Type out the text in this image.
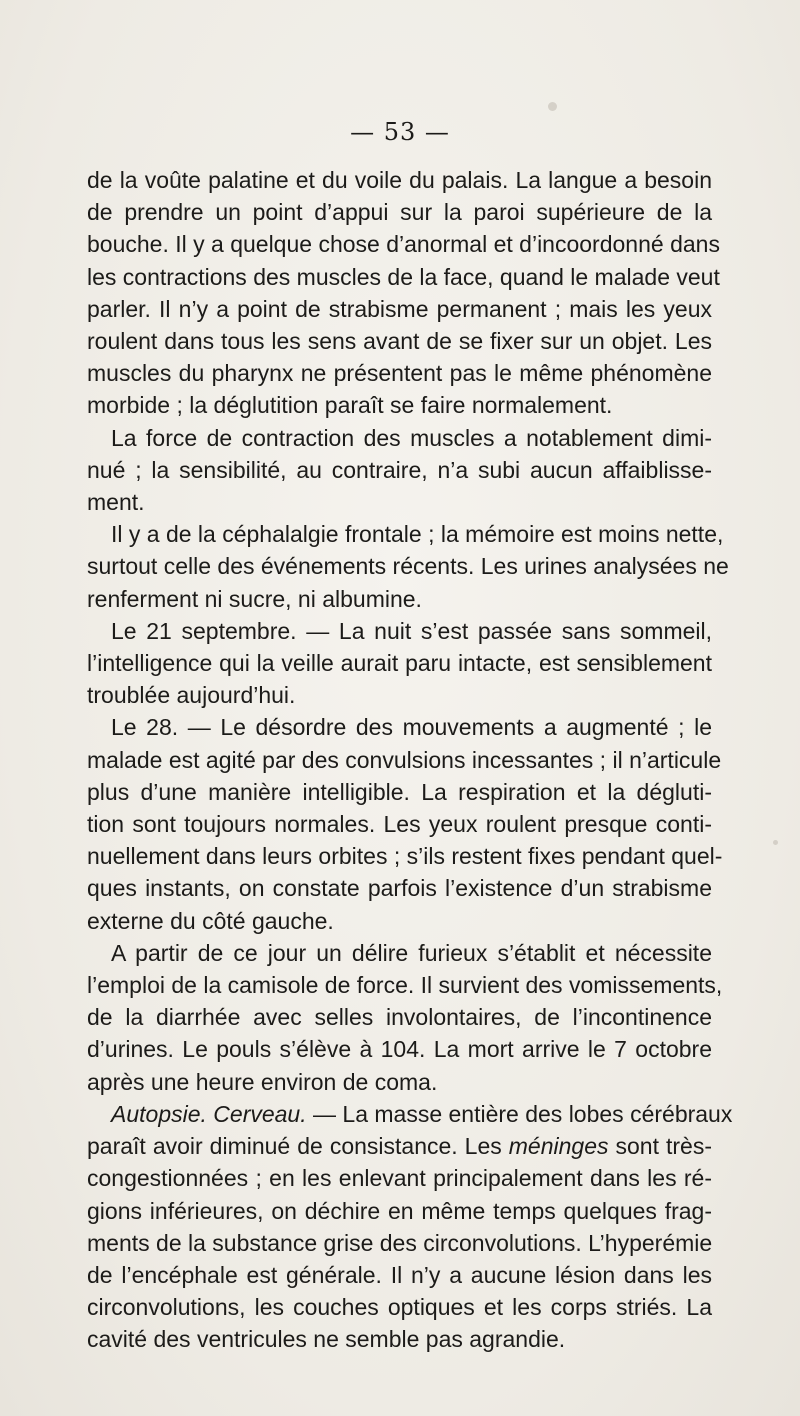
— 53 —

de la voûte palatine et du voile du palais. La langue a besoin
de prendre un point d’appui sur la paroi supérieure de la
bouche. Il y a quelque chose d’anormal et d’incoordonné dans
les contractions des muscles de la face, quand le malade veut
parler. Il n’y a point de strabisme permanent ; mais les yeux
roulent dans tous les sens avant de se fixer sur un objet. Les
muscles du pharynx ne présentent pas le même phénomène
morbide ; la déglutition paraît se faire normalement.

La force de contraction des muscles a notablement dimi-
nué ; la sensibilité, au contraire, n’a subi aucun affaiblisse-
ment.

Il y a de la céphalalgie frontale ; la mémoire est moins nette,
surtout celle des événements récents. Les urines analysées ne
renferment ni sucre, ni albumine.

Le 21 septembre. — La nuit s’est passée sans sommeil,
l’intelligence qui la veille aurait paru intacte, est sensiblement
troublée aujourd’hui.

Le 28. — Le désordre des mouvements a augmenté ; le
malade est agité par des convulsions incessantes ; il n’articule
plus d’une manière intelligible. La respiration et la dégluti-
tion sont toujours normales. Les yeux roulent presque conti-
nuellement dans leurs orbites ; s’ils restent fixes pendant quel-
ques instants, on constate parfois l’existence d’un strabisme
externe du côté gauche.

A partir de ce jour un délire furieux s’établit et nécessite
l’emploi de la camisole de force. Il survient des vomissements,
de la diarrhée avec selles involontaires, de l’incontinence
d’urines. Le pouls s’élève à 104. La mort arrive le 7 octobre
après une heure environ de coma.

Autopsie. Cerveau. — La masse entière des lobes cérébraux
paraît avoir diminué de consistance. Les méninges sont très-
congestionnées ; en les enlevant principalement dans les ré-
gions inférieures, on déchire en même temps quelques frag-
ments de la substance grise des circonvolutions. L’hyperémie
de l’encéphale est générale. Il n’y a aucune lésion dans les
circonvolutions, les couches optiques et les corps striés. La
cavité des ventricules ne semble pas agrandie.
